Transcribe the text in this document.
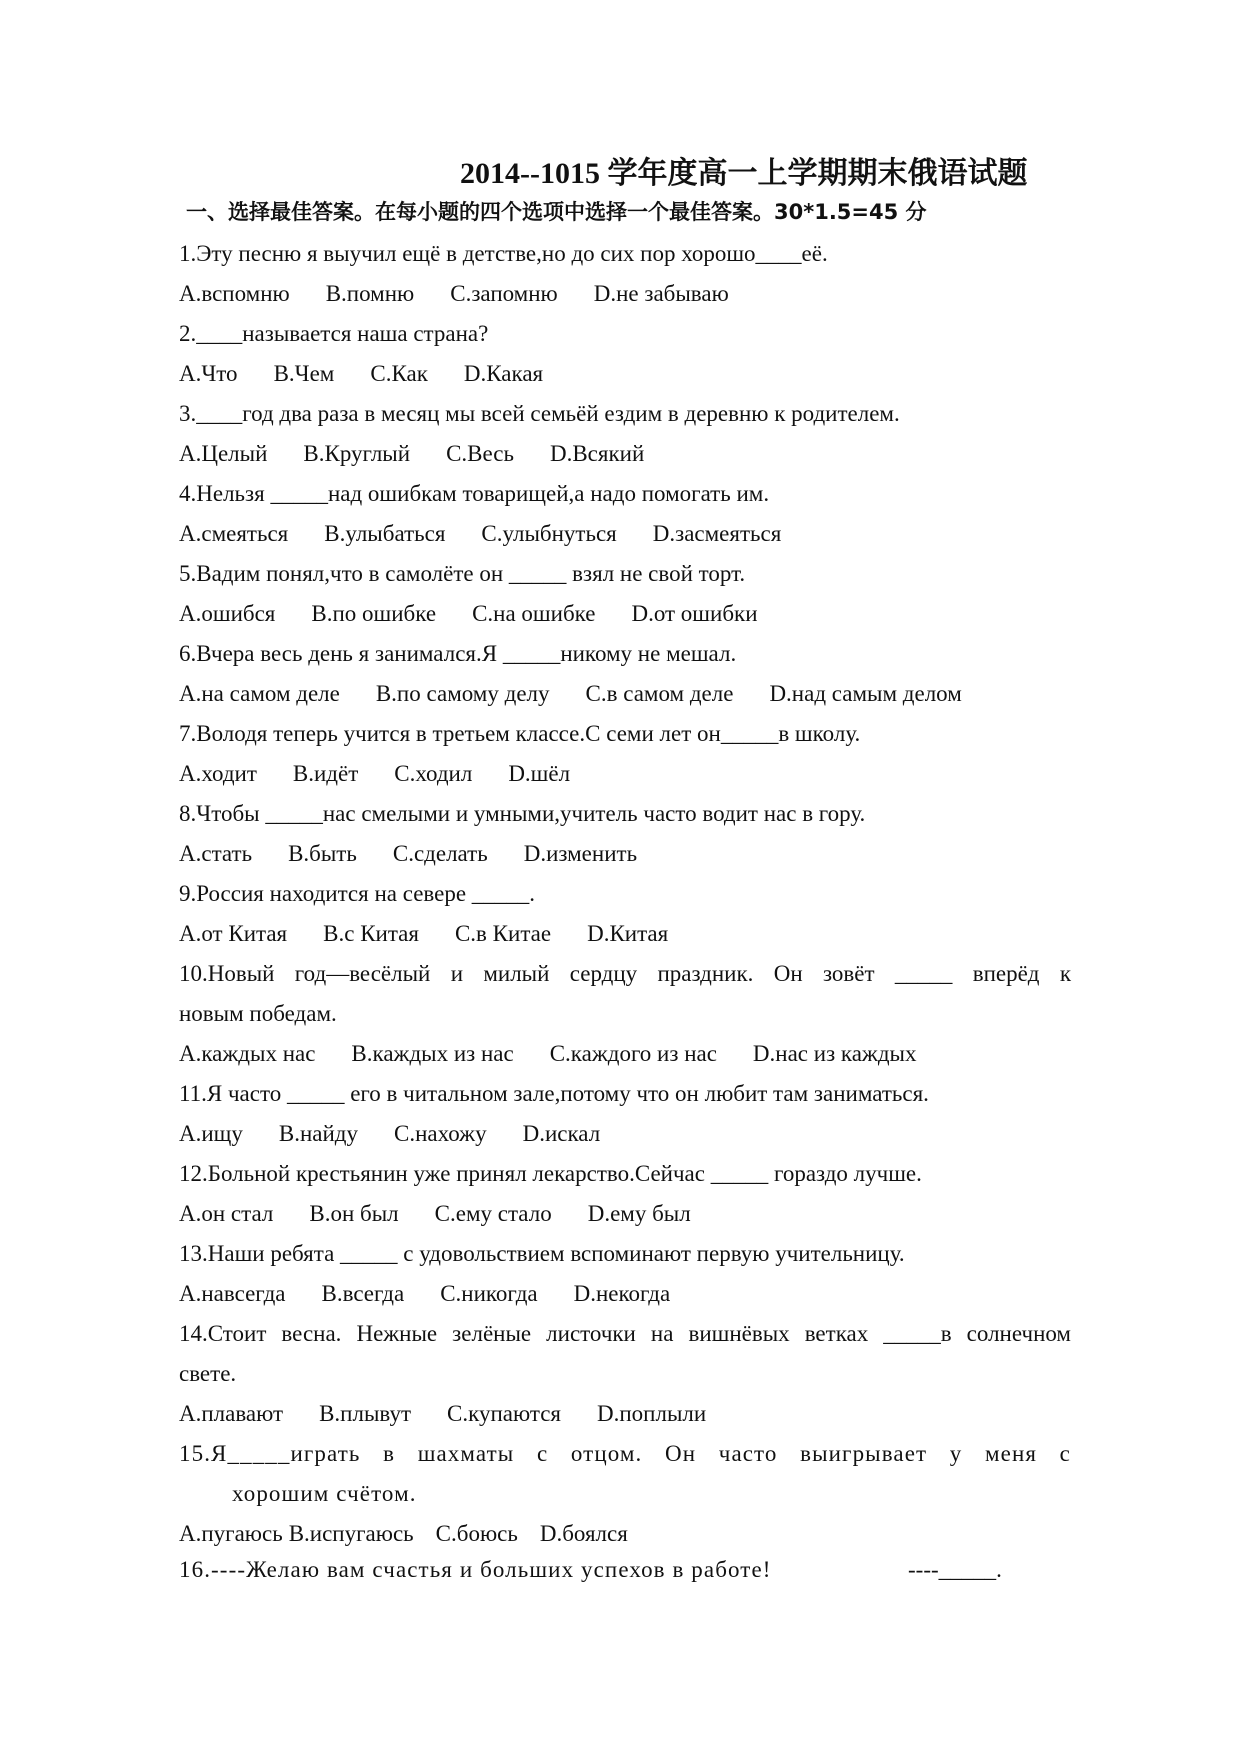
2014--1015 学年度高一上学期期末俄语试题
一、选择最佳答案。在每小题的四个选项中选择一个最佳答案。30*1.5=45 分
1.Эту песню я выучил ещё в детстве,но до сих пор хорошо____её.
A.вспомню B.помню C.запомню D.не забываю
2.____называется наша страна?
A.Что B.Чем C.Как D.Какая
3.____год два раза в месяц мы всей семьёй ездим в деревню к родителем.
A.Целый B.Круглый C.Весь D.Всякий
4.Нельзя _____над ошибкам товарищей,а надо помогать им.
A.смеяться B.улыбаться C.улыбнуться D.засмеяться
5.Вадим понял,что в самолёте он _____ взял не свой торт.
A.ошибся B.по ошибке C.на ошибке D.от ошибки
6.Вчера весь день я занимался.Я _____никому не мешал.
A.на самом деле B.по самому делу C.в самом деле D.над самым делом
7.Володя теперь учится в третьем классе.С семи лет он_____в школу.
A.ходит B.идёт C.ходил D.шёл
8.Чтобы _____нас смелыми и умными,учитель часто водит нас в гору.
A.стать B.быть C.сделать D.изменить
9.Россия находится на севере _____.
A.от Китая B.с Китая C.в Китае D.Китая
10.Новый год—весёлый и милый сердцу праздник. Он зовёт _____ вперёд к
новым победам.
A.каждых нас B.каждых из нас C.каждого из нас D.нас из каждых
11.Я часто _____ его в читальном зале,потому что он любит там заниматься.
A.ищу B.найду C.нахожу D.искал
12.Больной крестьянин уже принял лекарство.Сейчас _____ гораздо лучше.
A.он стал B.он был C.ему стало D.ему был
13.Наши ребята _____ с удовольствием вспоминают первую учительницу.
A.навсегда B.всегда C.никогда D.некогда
14.Стоит весна. Нежные зелёные листочки на вишнёвых ветках _____в солнечном
свете.
A.плавают B.плывут C.купаются D.поплыли
15.Я_____играть в шахматы с отцом. Он часто выигрывает у меня с
хорошим счётом.
A.пугаюсь B.испугаюсь C.боюсь D.боялся
16.----Желаю вам счастья и больших успехов в работе!	----_____.
